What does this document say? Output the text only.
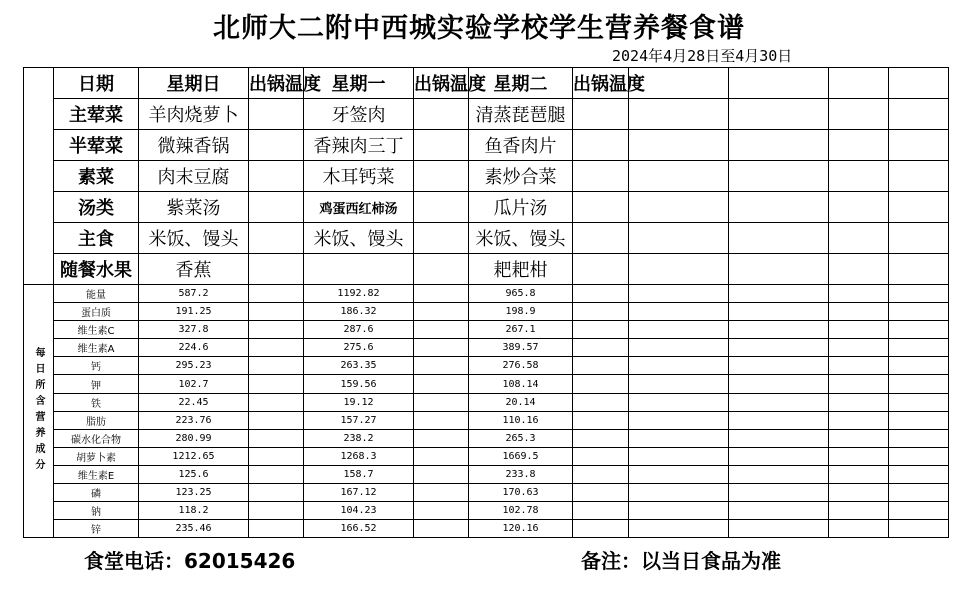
北师大二附中西城实验学校学生营养餐食谱
2024年4月28日至4月30日
	日期	星期日	出锅温度	星期一	出锅温度	星期二	出锅温度				
	主荤菜	羊肉烧萝卜		牙签肉		清蒸琵琶腿					
	半荤菜	微辣香锅		香辣肉三丁		鱼香肉片					
	素菜	肉末豆腐		木耳钙菜		素炒合菜					
	汤类	紫菜汤		鸡蛋西红柿汤		瓜片汤					
	主食	米饭、馒头		米饭、馒头		米饭、馒头					
	随餐水果	香蕉				耙耙柑					
每日所含营养成分	能量	587.2		1192.82		965.8					
	蛋白质	191.25		186.32		198.9					
	维生素C	327.8		287.6		267.1					
	维生素A	224.6		275.6		389.57					
	钙	295.23		263.35		276.58					
	钾	102.7		159.56		108.14					
	铁	22.45		19.12		20.14					
	脂肪	223.76		157.27		110.16					
	碳水化合物	280.99		238.2		265.3					
	胡萝卜素	1212.65		1268.3		1669.5					
	维生素E	125.6		158.7		233.8					
	磷	123.25		167.12		170.63					
	钠	118.2		104.23		102.78					
	锌	235.46		166.52		120.16					
食堂电话：62015426	备注：以当日食品为准
